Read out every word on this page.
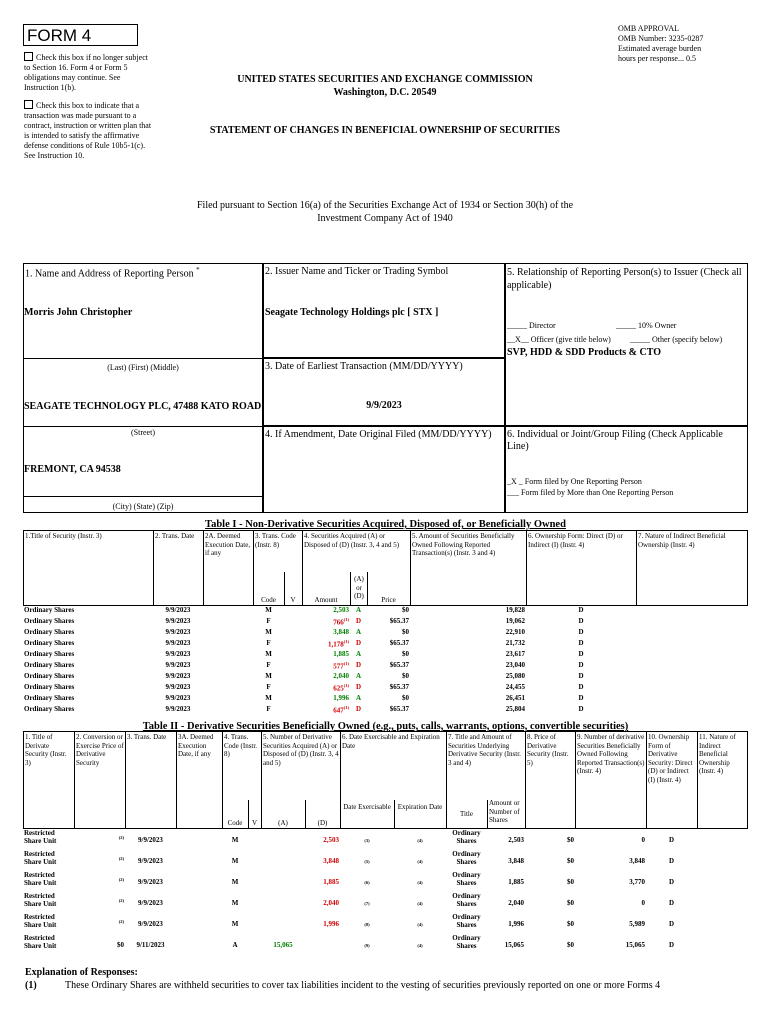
FORM 4
Check this box if no longer subject to Section 16. Form 4 or Form 5 obligations may continue. See Instruction 1(b).
Check this box to indicate that a transaction was made pursuant to a contract, instruction or written plan that is intended to satisfy the affirmative defense conditions of Rule 10b5-1(c). See Instruction 10.
OMB APPROVAL
OMB Number: 3235-0287
Estimated average burden
hours per response... 0.5
UNITED STATES SECURITIES AND EXCHANGE COMMISSION
Washington, D.C. 20549
STATEMENT OF CHANGES IN BENEFICIAL OWNERSHIP OF SECURITIES
Filed pursuant to Section 16(a) of the Securities Exchange Act of 1934 or Section 30(h) of the
Investment Company Act of 1940
1. Name and Address of Reporting Person *
Morris John Christopher
(Last) (First) (Middle)
SEAGATE TECHNOLOGY PLC, 47488 KATO ROAD
(Street)
FREMONT, CA 94538
(City) (State) (Zip)
2. Issuer Name and Ticker or Trading Symbol
Seagate Technology Holdings plc [ STX ]
3. Date of Earliest Transaction (MM/DD/YYYY)
9/9/2023
4. If Amendment, Date Original Filed (MM/DD/YYYY)
5. Relationship of Reporting Person(s) to Issuer (Check all applicable)
_____ Director	_____ 10% Owner
__X__ Officer (give title below) _____ Other (specify below)
SVP, HDD & SDD Products & CTO
6. Individual or Joint/Group Filing (Check Applicable Line)
_X _ Form filed by One Reporting Person
___ Form filed by More than One Reporting Person
Table I - Non-Derivative Securities Acquired, Disposed of, or Beneficially Owned
1.Title of Security (Instr. 3)	2. Trans. Date	2A. Deemed Execution Date, if any
3. Trans. Code (Instr. 8)
4. Securities Acquired (A) or Disposed of (D) (Instr. 3, 4 and 5)
5. Amount of Securities Beneficially Owned Following Reported Transaction(s) (Instr. 3 and 4)
6. Ownership Form: Direct (D) or Indirect (I) (Instr. 4)
7. Nature of Indirect Beneficial Ownership (Instr. 4)
Code	V	Amount
(A) or (D)	Price
Ordinary Shares	9/9/2023		M		2,503	A	$0	19,828	D	
Ordinary Shares	9/9/2023		F		766$^{(1)}$	D	$65.37	19,062	D	
Ordinary Shares	9/9/2023		M		3,848	A	$0	22,910	D	
Ordinary Shares	9/9/2023		F		1,178$^{(1)}$	D	$65.37	21,732	D	
Ordinary Shares	9/9/2023		M		1,885	A	$0	23,617	D	
Ordinary Shares	9/9/2023		F		577$^{(1)}$	D	$65.37	23,040	D	
Ordinary Shares	9/9/2023		M		2,040	A	$0	25,080	D	
Ordinary Shares	9/9/2023		F		625$^{(1)}$	D	$65.37	24,455	D	
Ordinary Shares	9/9/2023		M		1,996	A	$0	26,451	D	
Ordinary Shares	9/9/2023		F		647$^{(1)}$	D	$65.37	25,804	D	
Table II - Derivative Securities Beneficially Owned (e.g., puts, calls, warrants, options, convertible securities)
1. Title of Derivate Security (Instr. 3)
2. Conversion or Exercise Price of Derivative Security
3. Trans. Date	3A. Deemed Execution Date, if any
4. Trans. Code (Instr. 8)
5. Number of Derivative Securities Acquired (A) or Disposed of (D) (Instr. 3, 4 and 5)
6. Date Exercisable and Expiration Date
7. Title and Amount of Securities Underlying Derivative Security (Instr. 3 and 4)
8. Price of Derivative Security (Instr. 5)
9. Number of derivative Securities Beneficially Owned Following Reported Transaction(s) (Instr. 4)
10. Ownership Form of Derivative Security: Direct (D) or Indirect (I) (Instr. 4)
11. Nature of Indirect Beneficial Ownership (Instr. 4)
Code	V	(A)	(D)
Date Exercisable Expiration Date
Title
Amount or Number of Shares
Restricted Share Unit	$^{(2)}$	9/9/2023		M			2,503	(3)	(4)	Ordinary Shares	2,503	$0	0	D	
Restricted Share Unit	$^{(2)}$	9/9/2023		M			3,848	(5)	(4)	Ordinary Shares	3,848	$0	3,848	D	
Restricted Share Unit	$^{(2)}$	9/9/2023		M			1,885	(6)	(4)	Ordinary Shares	1,885	$0	3,770	D	
Restricted Share Unit	$^{(2)}$	9/9/2023		M			2,040	(7)	(4)	Ordinary Shares	2,040	$0	0	D	
Restricted Share Unit	$^{(2)}$	9/9/2023		M			1,996	(8)	(4)	Ordinary Shares	1,996	$0	5,989	D	
Restricted Share Unit	$0	9/11/2023		A		15,065		(9)	(4)	Ordinary Shares	15,065	$0	15,065	D	
Explanation of Responses:
(1)	These Ordinary Shares are withheld securities to cover tax liabilities incident to the vesting of securities previously reported on one or more Forms 4
